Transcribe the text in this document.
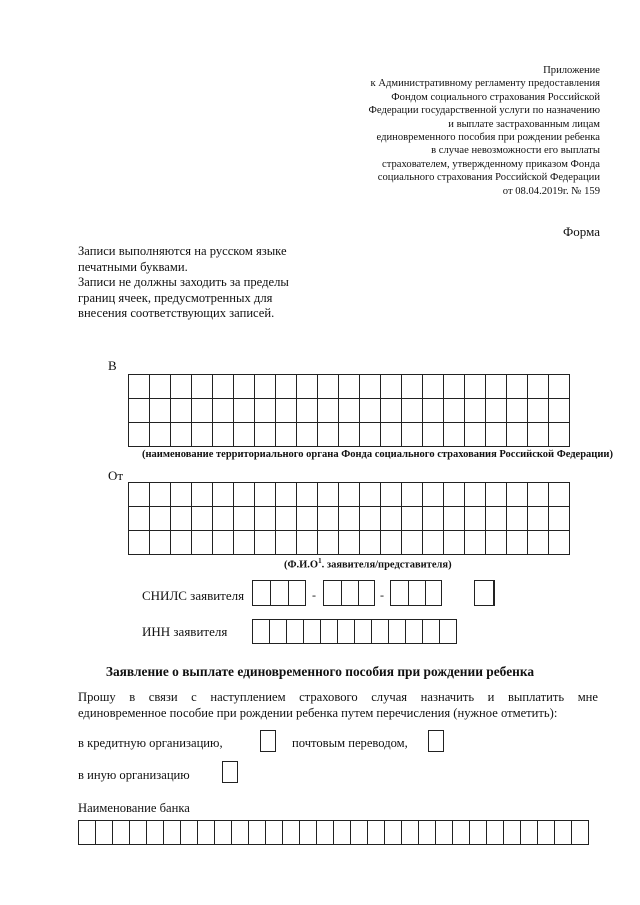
Приложение
к Административному регламенту предоставления
Фондом социального страхования Российской
Федерации государственной услуги по назначению
и выплате застрахованным лицам
единовременного пособия при рождении ребенка
в случае невозможности его выплаты
страхователем, утвержденному приказом Фонда
социального страхования Российской Федерации
от 08.04.2019г. № 159
Форма
Записи выполняются на русском языке
печатными буквами.
Записи не должны заходить за пределы
границ ячеек, предусмотренных для
внесения соответствующих записей.
В

(наименование территориального органа Фонда социального страхования Российской Федерации)
От

($Ф.И.О^1$. заявителя/представителя)
СНИЛС заявителя	-	-
ИНН заявителя

Заявление о выплате единовременного пособия при рождении ребенка
Прошу в связи с наступлением страхового случая назначить и выплатить мне
единовременное пособие при рождении ребенка путем перечисления (нужное отметить):
в кредитную организацию,	почтовым переводом,
в иную организацию
Наименование банка
